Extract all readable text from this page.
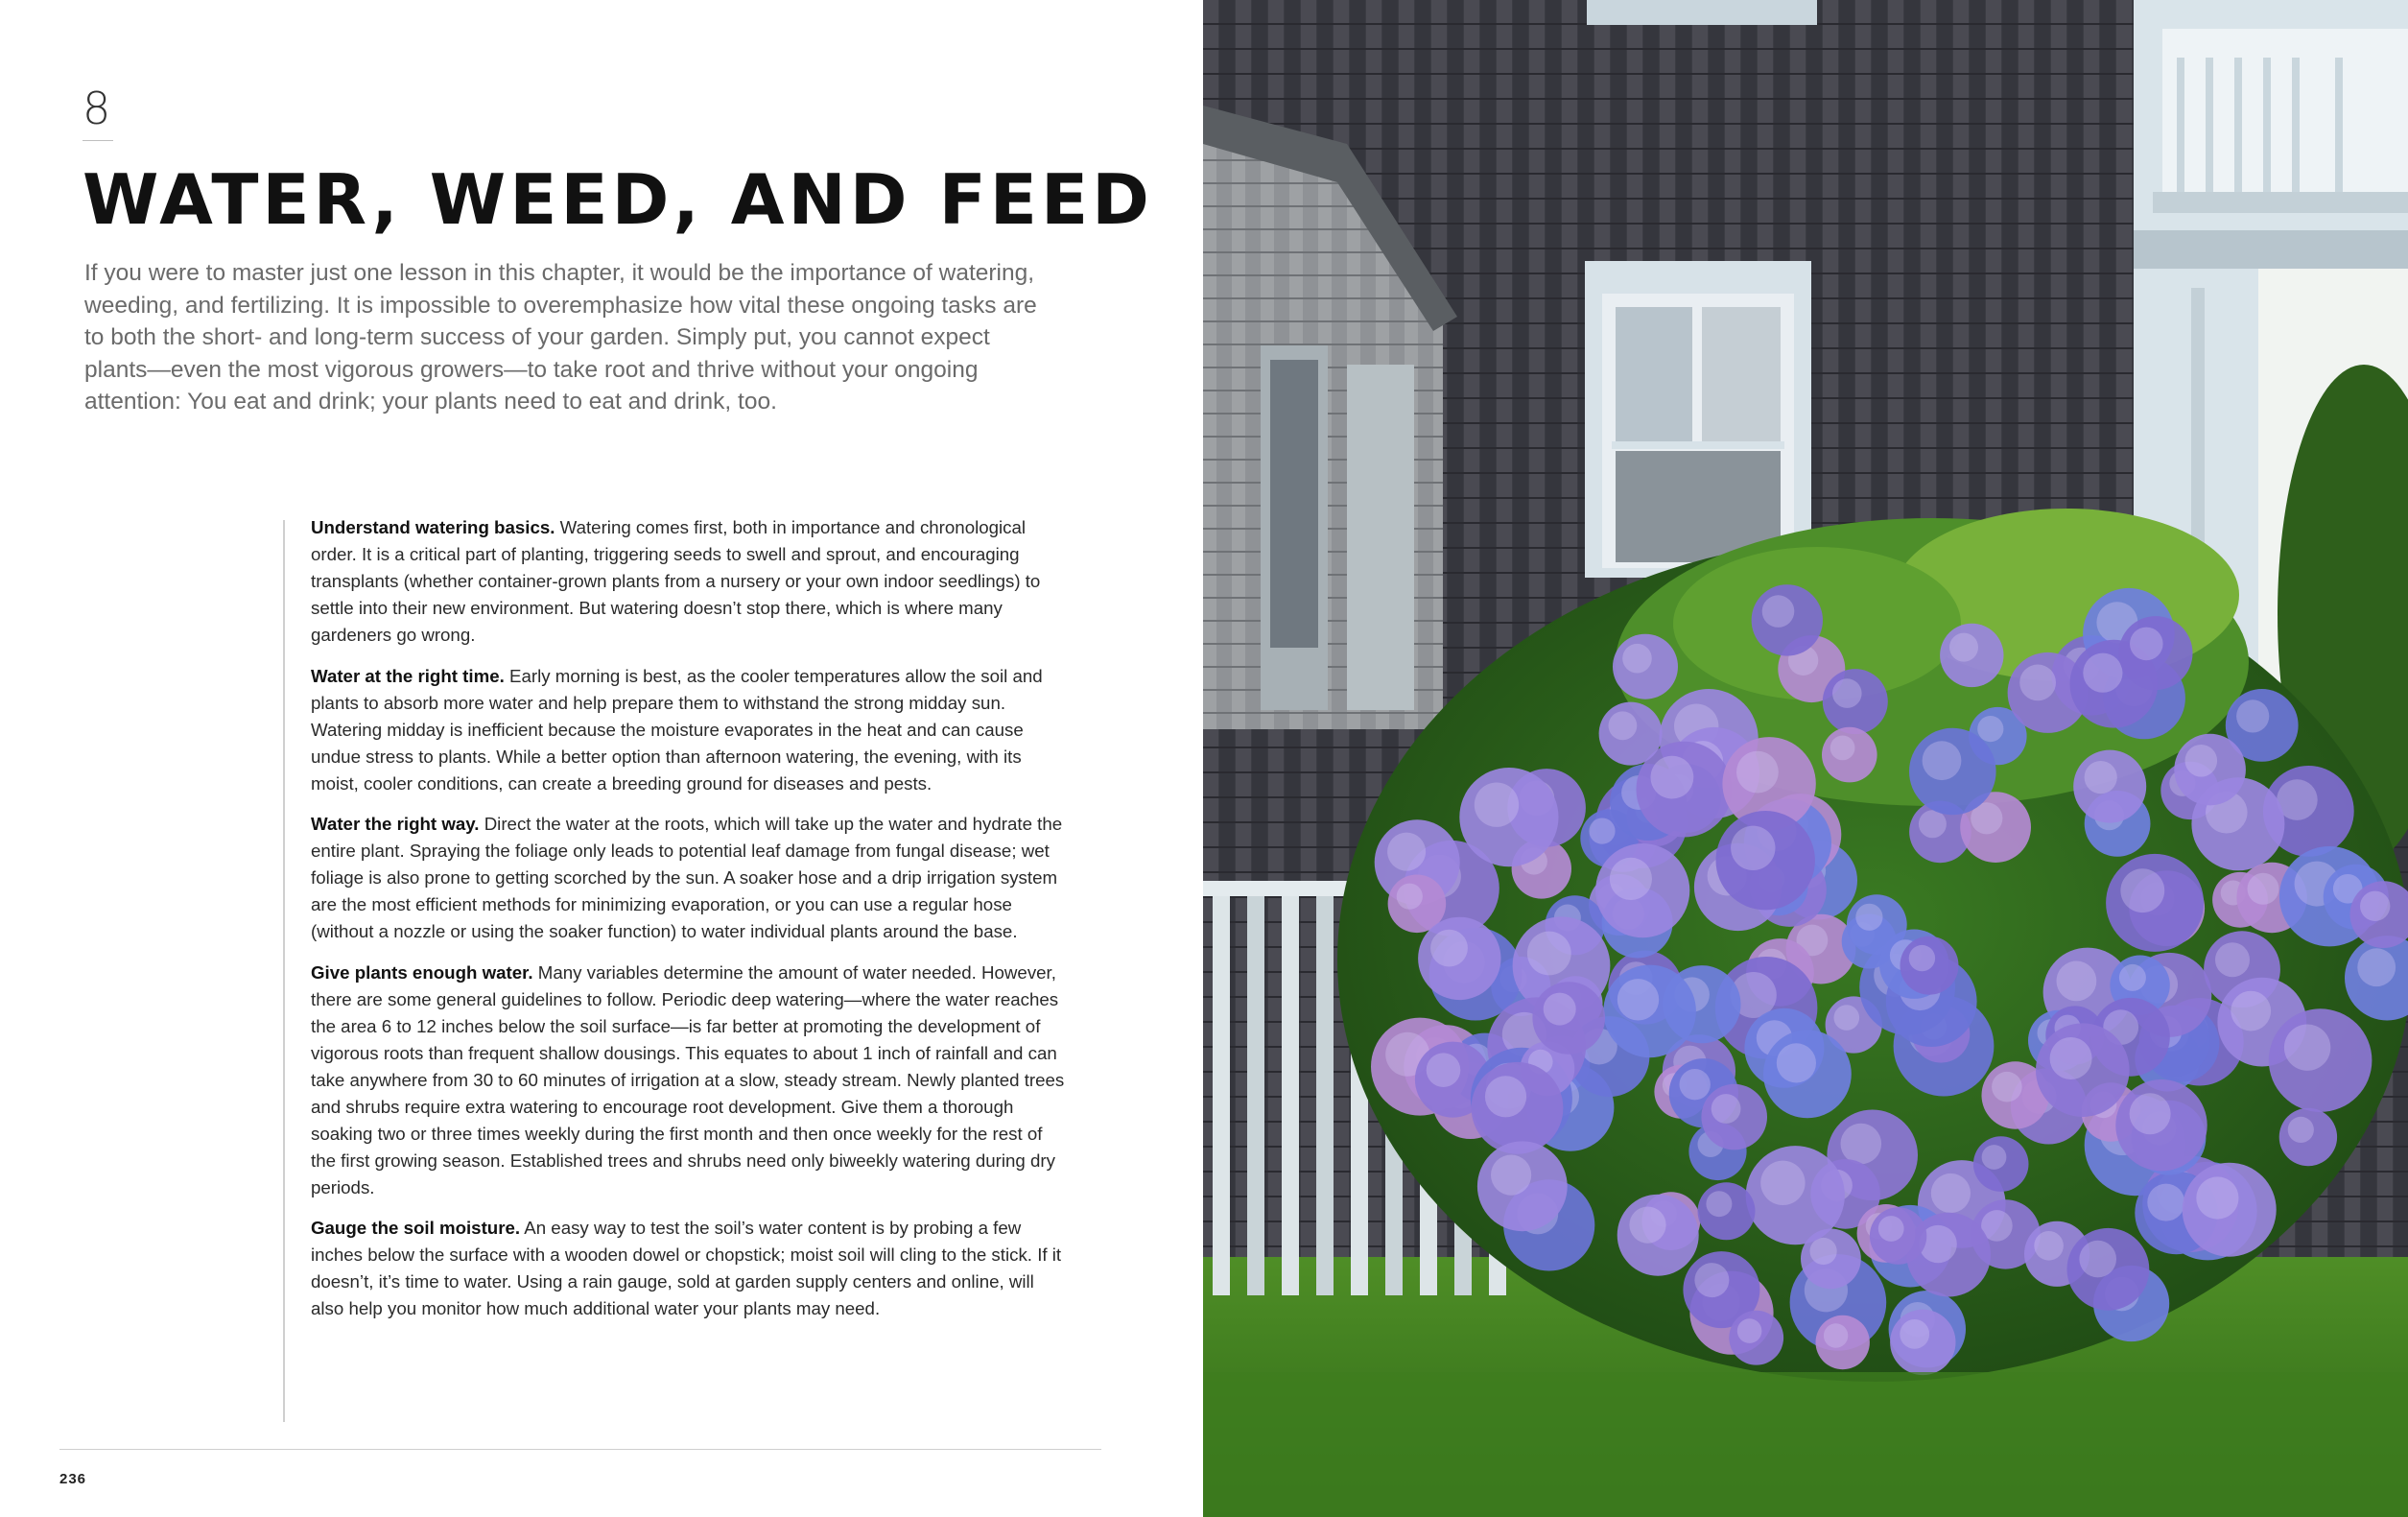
8
WATER, WEED, AND FEED

If you were to master just one lesson in this chapter, it would be the importance of watering, weeding, and fertilizing. It is impossible to overemphasize how vital these ongoing tasks are to both the short- and long-term success of your garden. Simply put, you cannot expect plants—even the most vigorous growers—to take root and thrive without your ongoing attention: You eat and drink; your plants need to eat and drink, too.

Understand watering basics. Watering comes first, both in importance and chronological order. It is a critical part of planting, triggering seeds to swell and sprout, and encouraging transplants (whether container-grown plants from a nursery or your own indoor seedlings) to settle into their new environment. But watering doesn’t stop there, which is where many gardeners go wrong.

Water at the right time. Early morning is best, as the cooler temperatures allow the soil and plants to absorb more water and help prepare them to withstand the strong midday sun. Watering midday is inefficient because the moisture evaporates in the heat and can cause undue stress to plants. While a better option than afternoon watering, the evening, with its moist, cooler conditions, can create a breeding ground for diseases and pests.

Water the right way. Direct the water at the roots, which will take up the water and hydrate the entire plant. Spraying the foliage only leads to potential leaf damage from fungal disease; wet foliage is also prone to getting scorched by the sun. A soaker hose and a drip irrigation system are the most efficient methods for minimizing evaporation, or you can use a regular hose (without a nozzle or using the soaker function) to water individual plants around the base.

Give plants enough water. Many variables determine the amount of water needed. However, there are some general guidelines to follow. Periodic deep watering—where the water reaches the area 6 to 12 inches below the soil surface—is far better at promoting the development of vigorous roots than frequent shallow dousings. This equates to about 1 inch of rainfall and can take anywhere from 30 to 60 minutes of irrigation at a slow, steady stream. Newly planted trees and shrubs require extra watering to encourage root development. Give them a thorough soaking two or three times weekly during the first month and then once weekly for the rest of the first growing season. Established trees and shrubs need only biweekly watering during dry periods.

Gauge the soil moisture. An easy way to test the soil’s water content is by probing a few inches below the surface with a wooden dowel or chopstick; moist soil will cling to the stick. If it doesn’t, it’s time to water. Using a rain gauge, sold at garden supply centers and online, will also help you monitor how much additional water your plants may need.

236
